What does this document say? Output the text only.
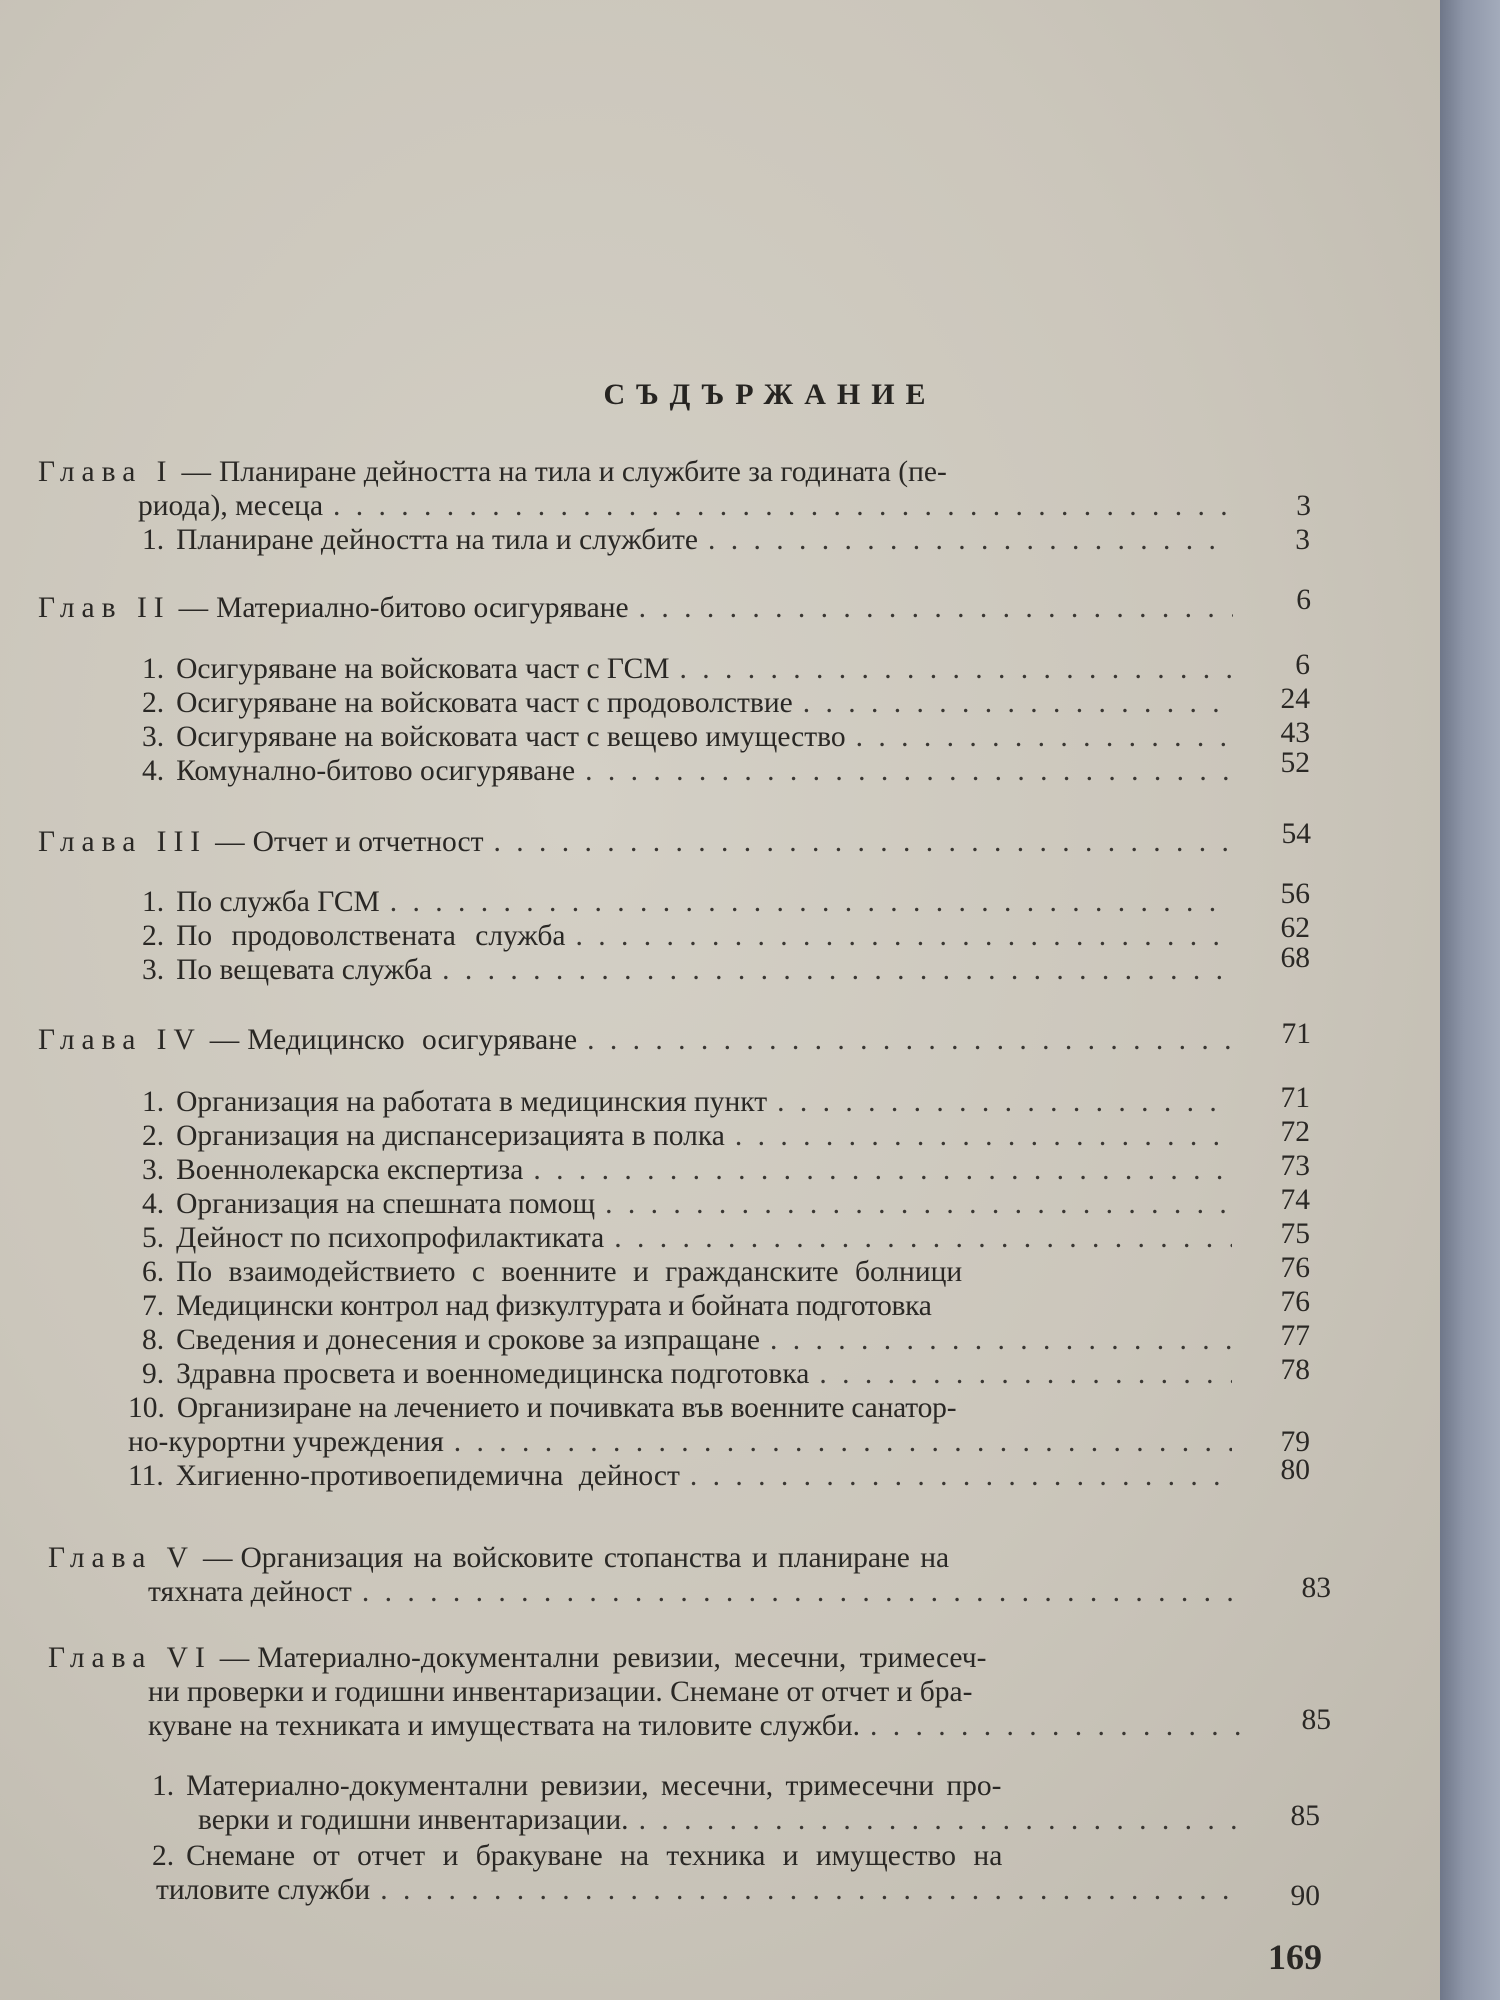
СЪДЪРЖАНИЕ
Глава I — Планиране дейността на тила и службите за годината (пе-
риода), месеца . . .	3
1. Планиране дейността на тила и службите . . .	3
Глав II — Материално-битово осигуряване . . .	6
1. Осигуряване на войсковата част с ГСМ . . .	6
2. Осигуряване на войсковата част с продоволствие . . .	24
3. Осигуряване на войсковата част с вещево имущество . . .	43
4. Комунално-битово осигуряване . . .	52
Глава III — Отчет и отчетност . . .	54
1. По служба ГСМ . . .	56
2. По продоволствената служба . . .	62
3. По вещевата служба . . .	68
Глава IV — Медицинско осигуряване . . .	71
1. Организация на работата в медицинския пункт . . .	71
2. Организация на диспансеризацията в полка . . .	72
3. Военнолекарска експертиза . . .	73
4. Организация на спешната помощ . . .	74
5. Дейност по психопрофилактиката . . .	75
6. По взаимодействието с военните и гражданските болници	76
7. Медицински контрол над физкултурата и бойната подготовка	76
8. Сведения и донесения и срокове за изпращане . . .	77
9. Здравна просвета и военномедицинска подготовка . . .	78
10. Организиране на лечението и почивката във военните санатор-
но-курортни учреждения . . .	79
11. Хигиенно-противоепидемична дейност . . .	80
Глава V — Организация на войсковите стопанства и планиране на
тяхната дейност . . .	83
Глава VI — Материално-документални ревизии, месечни, тримесеч-
ни проверки и годишни инвентаризации. Снемане от отчет и бра-
куване на техниката и имуществата на тиловите служби. . . .	85
1. Материално-документални ревизии, месечни, тримесечни про-
верки и годишни инвентаризации. . . .	85
2. Снемане от отчет и бракуване на техника и имущество на
тиловите служби . . .	90
169
